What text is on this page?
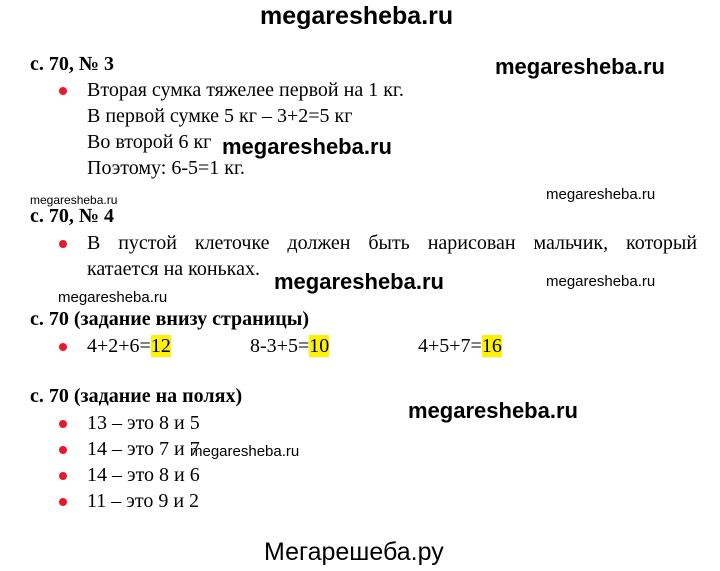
megaresheba.ru
с. 70, № 3	megaresheba.ru
Вторая сумка тяжелее первой на 1 кг.
В первой сумке 5 кг – 3+2=5 кг
Во второй 6 кг megaresheba.ru
Поэтому: 6-5=1 кг.
megaresheba.ru	megaresheba.ru
с. 70, № 4
В пустой клеточке должен быть нарисован мальчик, который
катается на коньках. megaresheba.ru	megaresheba.ru
megaresheba.ru
с. 70 (задание внизу страницы)
4+2+6=12	8-3+5=10	4+5+7=16
с. 70 (задание на полях)
megaresheba.ru
13 – это 8 и 5
14 – это 7 и 7
megaresheba.ru
14 – это 8 и 6
11 – это 9 и 2
Мегарешеба.ру
